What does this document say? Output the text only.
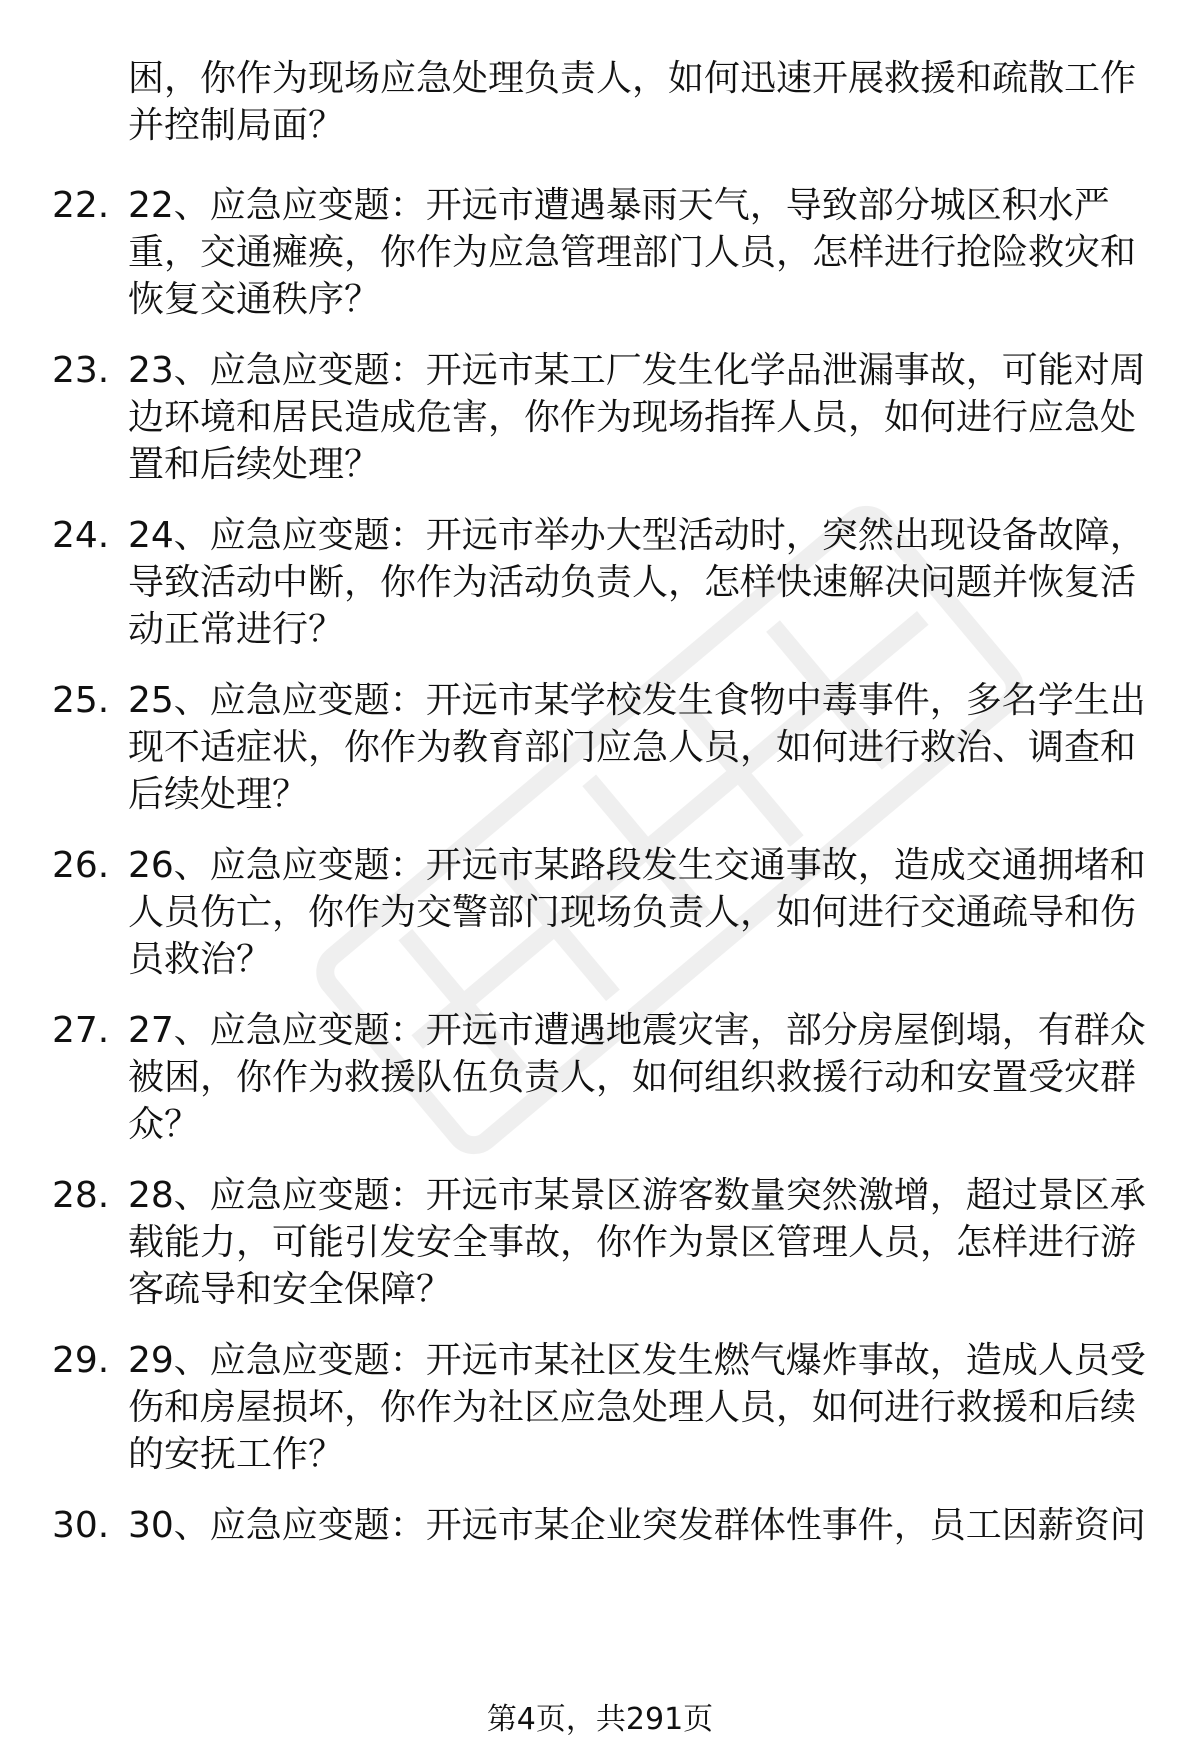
困，你作为现场应急处理负责人，如何迅速开展救援和疏散工作并控制局面？
22. 22、应急应变题：开远市遭遇暴雨天气，导致部分城区积水严重，交通瘫痪，你作为应急管理部门人员，怎样进行抢险救灾和恢复交通秩序？
23. 23、应急应变题：开远市某工厂发生化学品泄漏事故，可能对周边环境和居民造成危害，你作为现场指挥人员，如何进行应急处置和后续处理？
24. 24、应急应变题：开远市举办大型活动时，突然出现设备故障，导致活动中断，你作为活动负责人，怎样快速解决问题并恢复活动正常进行？
25. 25、应急应变题：开远市某学校发生食物中毒事件，多名学生出现不适症状，你作为教育部门应急人员，如何进行救治、调查和后续处理？
26. 26、应急应变题：开远市某路段发生交通事故，造成交通拥堵和人员伤亡，你作为交警部门现场负责人，如何进行交通疏导和伤员救治？
27. 27、应急应变题：开远市遭遇地震灾害，部分房屋倒塌，有群众被困，你作为救援队伍负责人，如何组织救援行动和安置受灾群众？
28. 28、应急应变题：开远市某景区游客数量突然激增，超过景区承载能力，可能引发安全事故，你作为景区管理人员，怎样进行游客疏导和安全保障？
29. 29、应急应变题：开远市某社区发生燃气爆炸事故，造成人员受伤和房屋损坏，你作为社区应急处理人员，如何进行救援和后续的安抚工作？
30. 30、应急应变题：开远市某企业突发群体性事件，员工因薪资问
第4页，共291页
